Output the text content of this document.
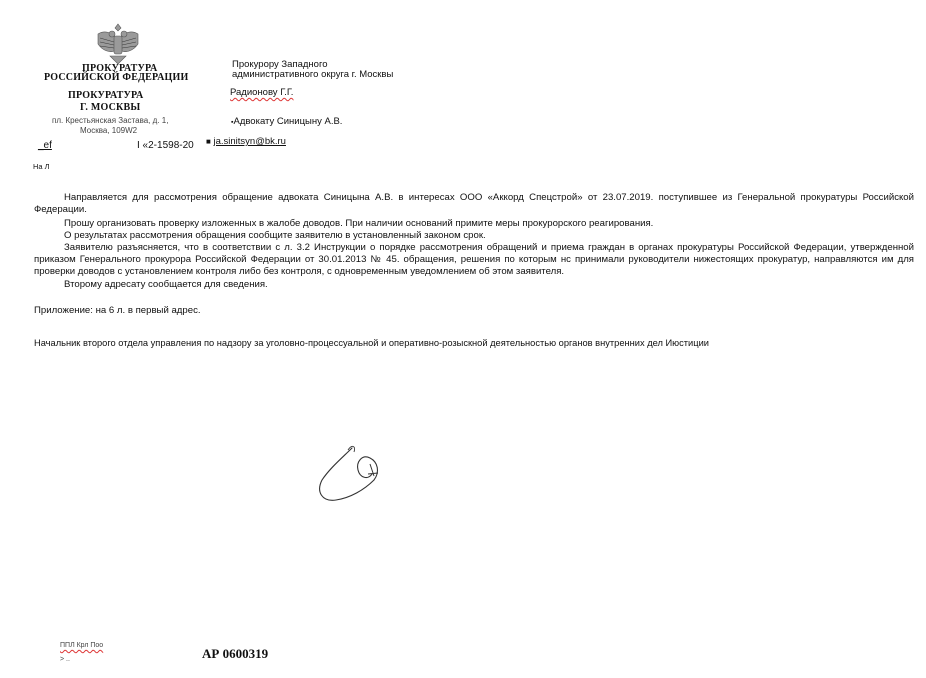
ПРОКУРАТУРА
РОССИЙСКОЙ ФЕДЕРАЦИИ
ПРОКУРАТУРА
Г. МОСКВЫ
пл. Крестьянская Застава, д. 1,
Москва, 109W2
_ef	I «2-1598-20
На Л
Прокурору Западного
административного округа г. Москвы
Радионову Г.Г.
▪Адвокату Синицыну А.В.
■ ja.sinitsyn@bk.ru
Направляется для рассмотрения обращение адвоката Синицына А.В. в интересах ООО «Аккорд Спецстрой» от 23.07.2019. поступившее из Генеральной прокуратуры Российской Федерации.
Прошу организовать проверку изложенных в жалобе доводов. При наличии оснований примите меры прокурорского реагирования.
О результатах рассмотрения обращения сообщите заявителю в установленный законом срок.
Заявителю разъясняется, что в соответствии с л. 3.2 Инструкции о порядке рассмотрения обращений и приема граждан в органах прокуратуры Российской Федерации, утвержденной приказом Генерального прокурора Российской Федерации от 30.01.2013 № 45. обращения, решения по которым нс принимали руководители нижестоящих прокуратур, направляются им для проверки доводов с установлением контроля либо без контроля, с одновременным уведомлением об этом заявителя.
Второму адресату сообщается для сведения.
Приложение: на 6 л. в первый адрес.
Начальник второго отдела управления по надзору за уголовно-процессуальной и оперативно-розыскной деятельностью органов внутренних дел Июстиции
ППЛ Крл Поо
> ..	АР 0600319
